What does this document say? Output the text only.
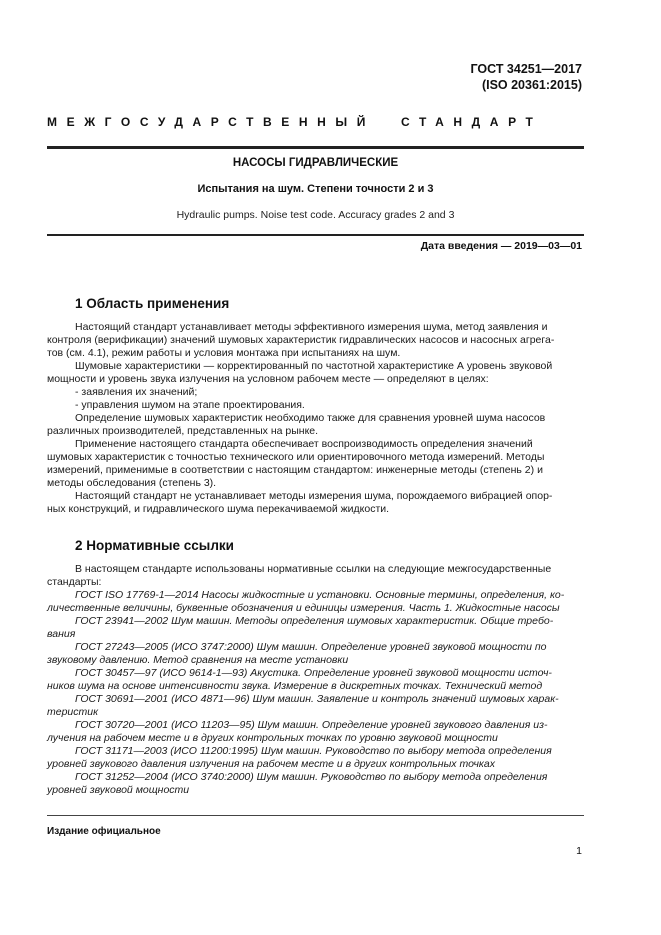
ГОСТ 34251—2017
(ISO 20361:2015)
МЕЖГОСУДАРСТВЕННЫЙ СТАНДАРТ
НАСОСЫ ГИДРАВЛИЧЕСКИЕ
Испытания на шум. Степени точности 2 и 3
Hydraulic pumps. Noise test code. Accuracy grades 2 and 3
Дата введения — 2019—03—01
1 Область применения
Настоящий стандарт устанавливает методы эффективного измерения шума, метод заявления и
контроля (верификации) значений шумовых характеристик гидравлических насосов и насосных агрега-
тов (см. 4.1), режим работы и условия монтажа при испытаниях на шум.
Шумовые характеристики — корректированный по частотной характеристике А уровень звуковой
мощности и уровень звука излучения на условном рабочем месте — определяют в целях:
- заявления их значений;
- управления шумом на этапе проектирования.
Определение шумовых характеристик необходимо также для сравнения уровней шума насосов
различных производителей, представленных на рынке.
Применение настоящего стандарта обеспечивает воспроизводимость определения значений
шумовых характеристик с точностью технического или ориентировочного метода измерений. Методы
измерений, применимые в соответствии с настоящим стандартом: инженерные методы (степень 2) и
методы обследования (степень 3).
Настоящий стандарт не устанавливает методы измерения шума, порождаемого вибрацией опор-
ных конструкций, и гидравлического шума перекачиваемой жидкости.
2 Нормативные ссылки
В настоящем стандарте использованы нормативные ссылки на следующие межгосударственные
стандарты:
ГОСТ ISO 17769-1—2014 Насосы жидкостные и установки. Основные термины, определения, ко-
личественные величины, буквенные обозначения и единицы измерения. Часть 1. Жидкостные насосы
ГОСТ 23941—2002 Шум машин. Методы определения шумовых характеристик. Общие требо-
вания
ГОСТ 27243—2005 (ИСО 3747:2000) Шум машин. Определение уровней звуковой мощности по
звуковому давлению. Метод сравнения на месте установки
ГОСТ 30457—97 (ИСО 9614-1—93) Акустика. Определение уровней звуковой мощности источ-
ников шума на основе интенсивности звука. Измерение в дискретных точках. Технический метод
ГОСТ 30691—2001 (ИСО 4871—96) Шум машин. Заявление и контроль значений шумовых харак-
теристик
ГОСТ 30720—2001 (ИСО 11203—95) Шум машин. Определение уровней звукового давления из-
лучения на рабочем месте и в других контрольных точках по уровню звуковой мощности
ГОСТ 31171—2003 (ИСО 11200:1995) Шум машин. Руководство по выбору метода определения
уровней звукового давления излучения на рабочем месте и в других контрольных точках
ГОСТ 31252—2004 (ИСО 3740:2000) Шум машин. Руководство по выбору метода определения
уровней звуковой мощности
Издание официальное
1
